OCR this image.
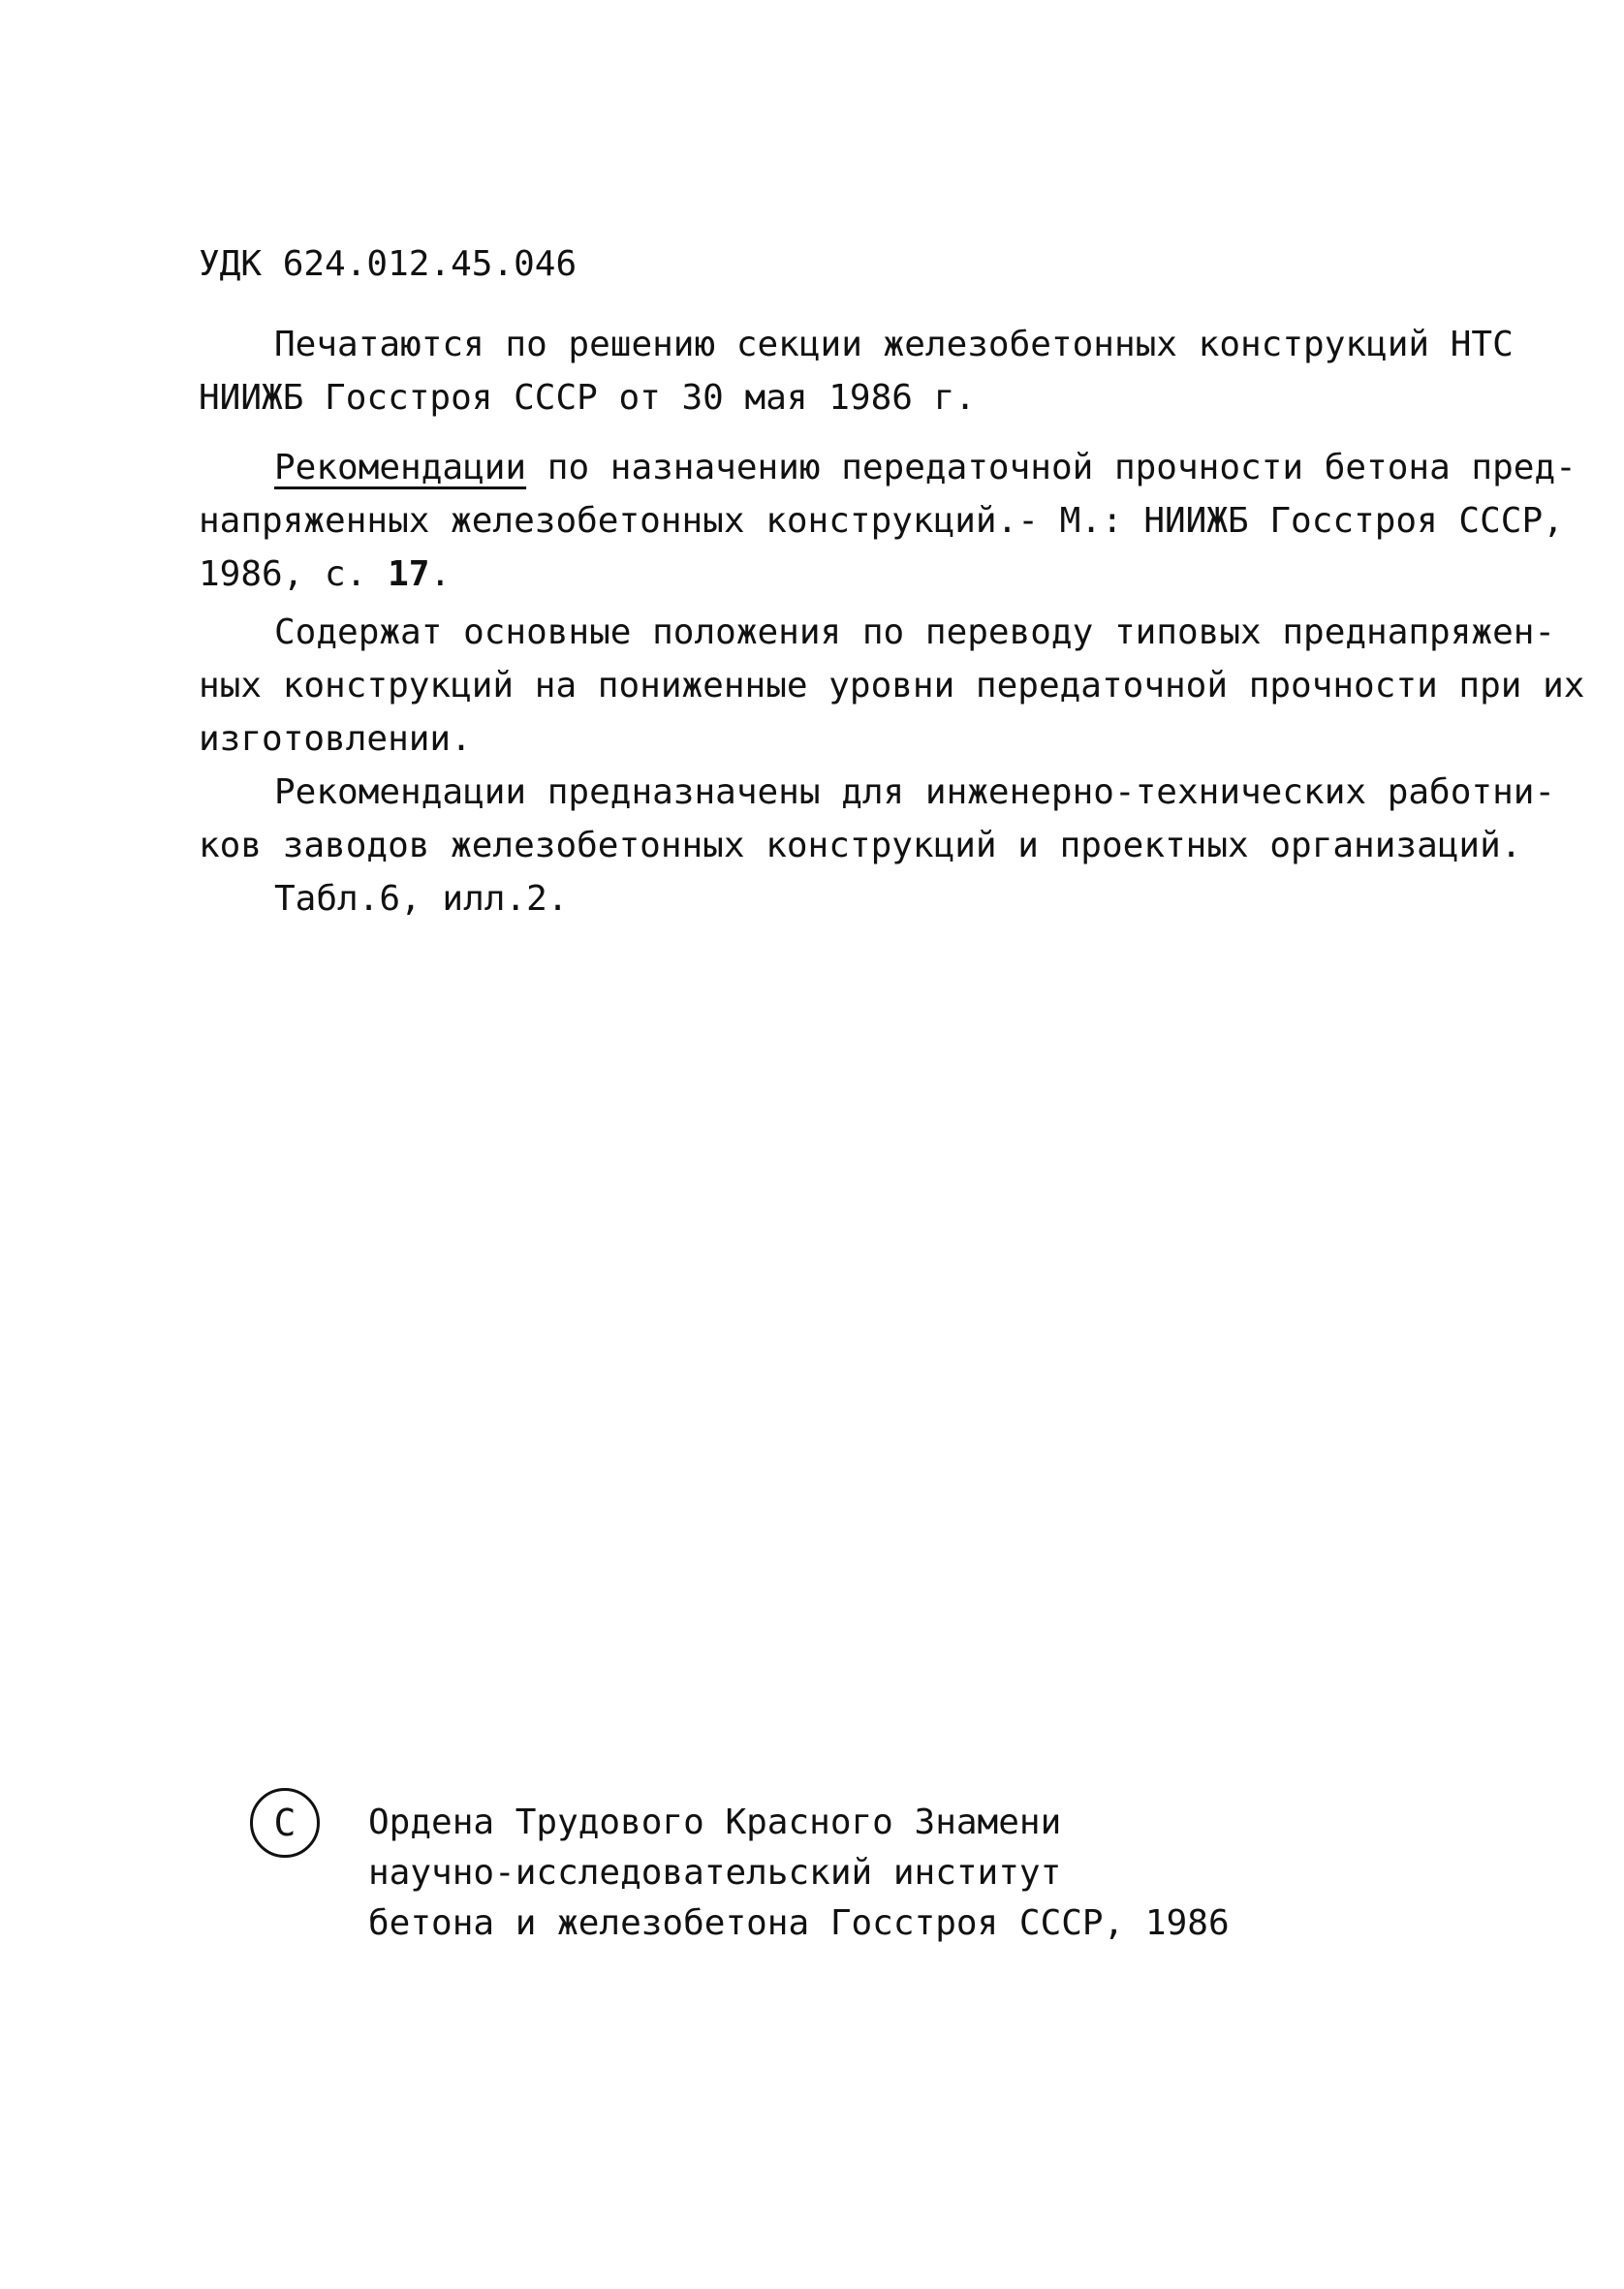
УДК 624.012.45.046
Печатаются по решению секции железобетонных конструкций НТС
НИИЖБ Госстроя СССР от 30 мая 1986 г.
Рекомендации по назначению передаточной прочности бетона пред-
напряженных железобетонных конструкций.- М.: НИИЖБ Госстроя СССР,
1986, с. 17.
Содержат основные положения по переводу типовых преднапряжен-
ных конструкций на пониженные уровни передаточной прочности при их
изготовлении.
Рекомендации предназначены для инженерно-технических работни-
ков заводов железобетонных конструкций и проектных организаций.
Табл.6, илл.2.
C	Ордена Трудового Красного Знамени
научно-исследовательский институт
бетона и железобетона Госстроя СССР, 1986
